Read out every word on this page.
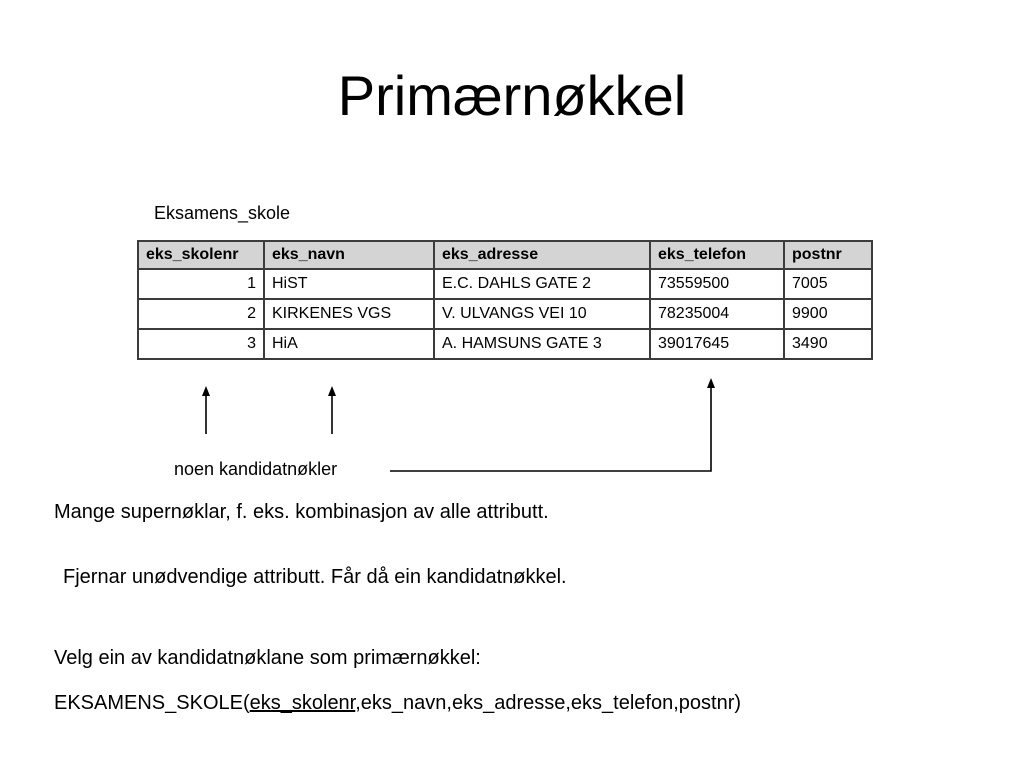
Primærnøkkel
Eksamens_skole
eks_skolenr	eks_navn	eks_adresse	eks_telefon	postnr
1	HiST	E.C. DAHLS GATE 2	73559500	7005
2	KIRKENES VGS	V. ULVANGS VEI 10	78235004	9900
3	HiA	A. HAMSUNS GATE 3	39017645	3490
noen kandidatnøkler
Mange supernøklar, f. eks. kombinasjon av alle attributt.
Fjernar unødvendige attributt. Får då ein kandidatnøkkel.
Velg ein av kandidatnøklane som primærnøkkel:
EKSAMENS_SKOLE(eks_skolenr,eks_navn,eks_adresse,eks_telefon,postnr)
